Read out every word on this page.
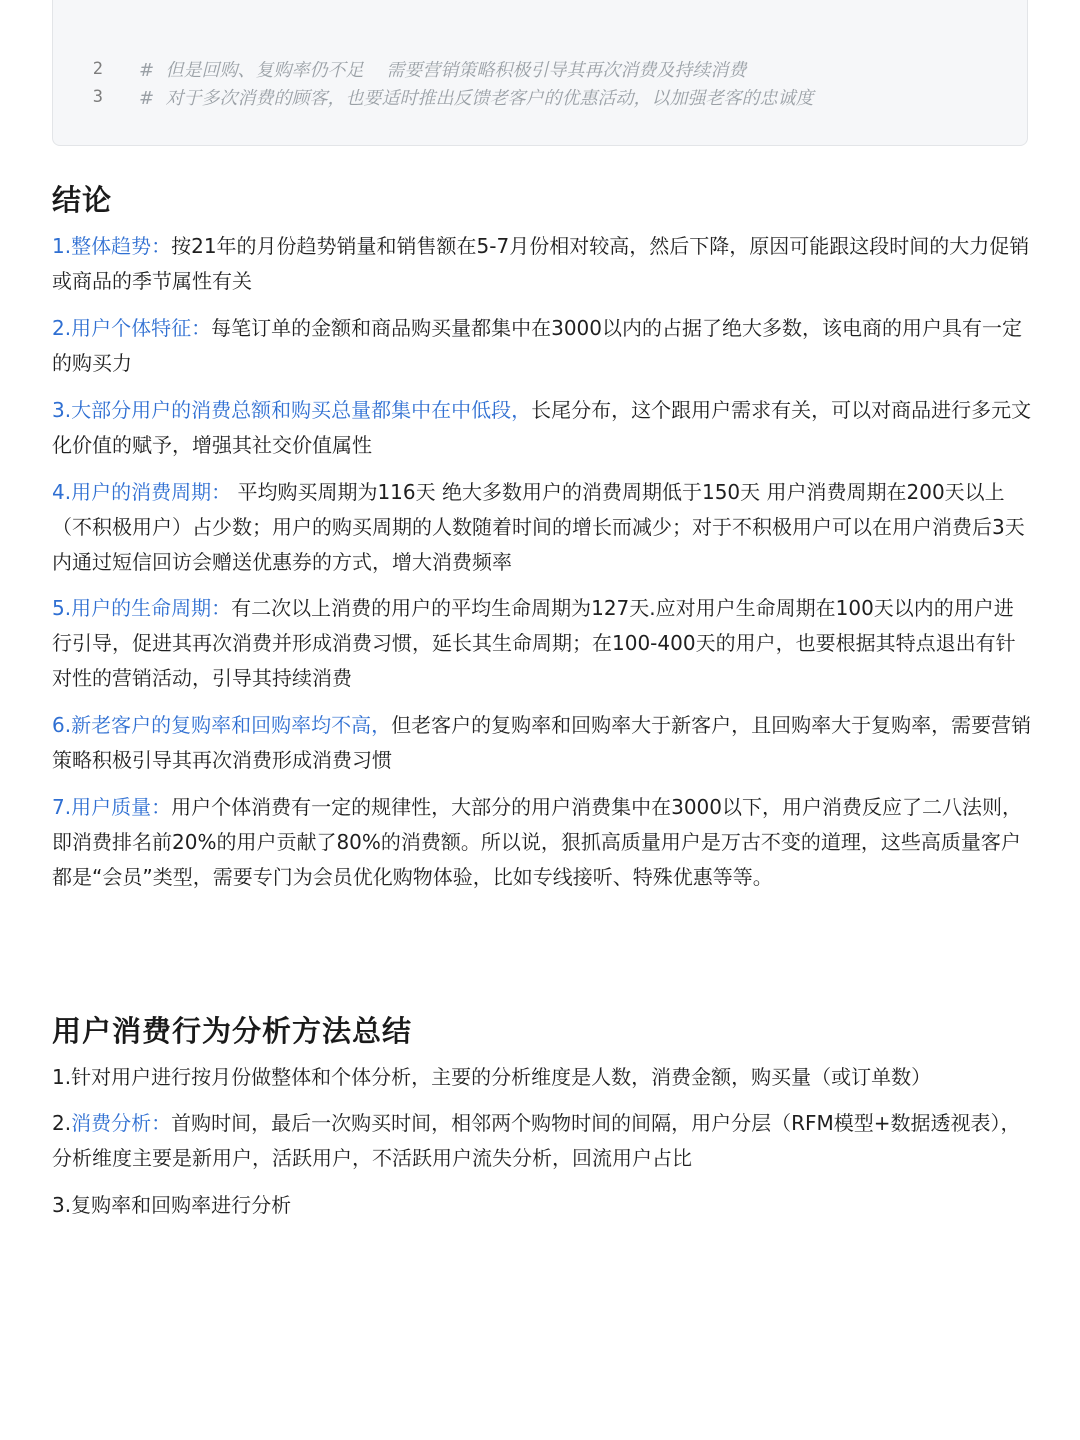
2 #  但是回购、复购率仍不足    需要营销策略积极引导其再次消费及持续消费
3 #  对于多次消费的顾客，也要适时推出反馈老客户的优惠活动，以加强老客的忠诚度
结论

1.整体趋势：按21年的月份趋势销量和销售额在5-7月份相对较高，然后下降，原因可能跟这段时间的大力促销或商品的季节属性有关

2.用户个体特征：每笔订单的金额和商品购买量都集中在3000以内的占据了绝大多数，该电商的用户具有一定的购买力

3.大部分用户的消费总额和购买总量都集中在中低段，长尾分布，这个跟用户需求有关，可以对商品进行多元文化价值的赋予，增强其社交价值属性

4.用户的消费周期： 平均购买周期为116天 绝大多数用户的消费周期低于150天 用户消费周期在200天以上（不积极用户）占少数；用户的购买周期的人数随着时间的增长而减少；对于不积极用户可以在用户消费后3天内通过短信回访会赠送优惠券的方式，增大消费频率

5.用户的生命周期：有二次以上消费的用户的平均生命周期为127天.应对用户生命周期在100天以内的用户进行引导，促进其再次消费并形成消费习惯，延长其生命周期；在100-400天的用户，也要根据其特点退出有针对性的营销活动，引导其持续消费

6.新老客户的复购率和回购率均不高，但老客户的复购率和回购率大于新客户，且回购率大于复购率，需要营销策略积极引导其再次消费形成消费习惯

7.用户质量：用户个体消费有一定的规律性，大部分的用户消费集中在3000以下，用户消费反应了二八法则，即消费排名前20%的用户贡献了80%的消费额。所以说，狠抓高质量用户是万古不变的道理，这些高质量客户都是“会员”类型，需要专门为会员优化购物体验，比如专线接听、特殊优惠等等。

用户消费行为分析方法总结

1.针对用户进行按月份做整体和个体分析，主要的分析维度是人数，消费金额，购买量（或订单数）

2.消费分析：首购时间，最后一次购买时间，相邻两个购物时间的间隔，用户分层（RFM模型+数据透视表），分析维度主要是新用户，活跃用户，不活跃用户流失分析，回流用户占比

3.复购率和回购率进行分析
